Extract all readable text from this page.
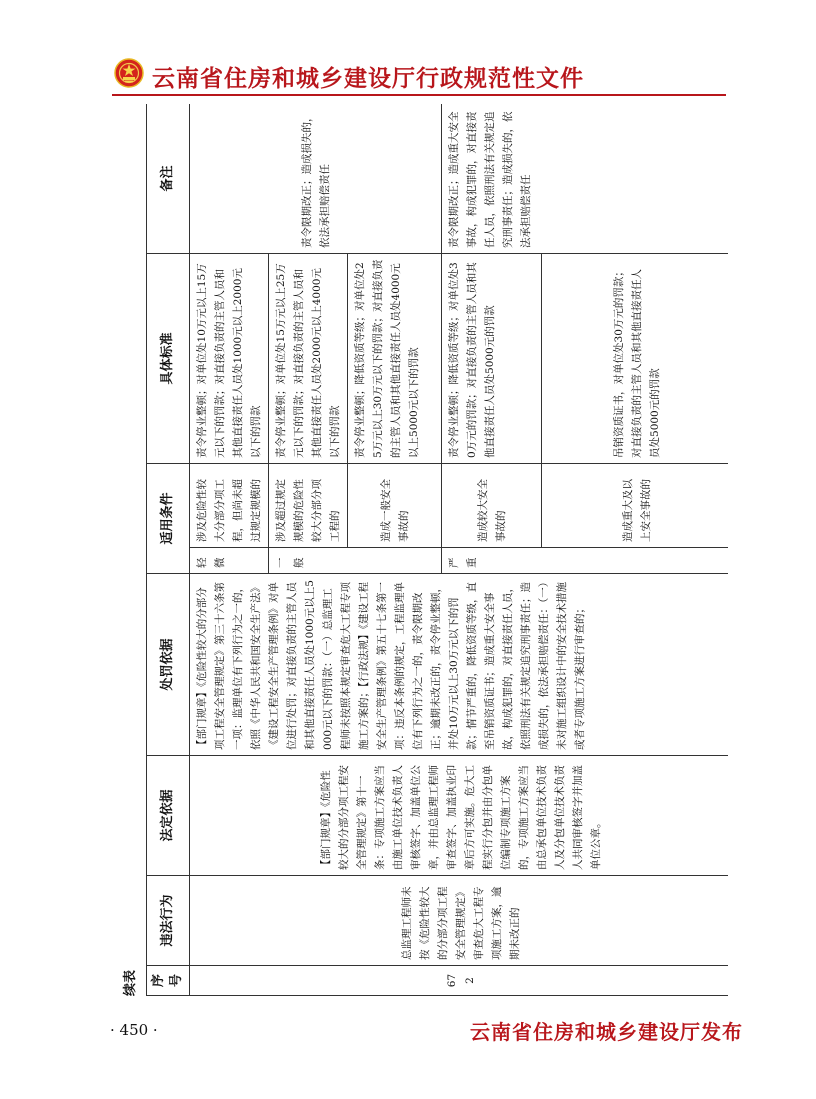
云南省住房和城乡建设厅行政规范性文件
续表	序号	违法行为	法定依据	处罚依据	适用条件		具体标准	备注
672	总监理工程师未按《危险性较大的分部分项工程安全管理规定》审查危大工程专项施工方案，逾期未改正的	【部门规章】《危险性较大的分部分项工程安全管理规定》第十一条：专项施工方案应当由施工单位技术负责人审核签字、加盖单位公章，并由总监理工程师审查签字、加盖执业印章后方可实施。危大工程实行分包并由分包单位编制专项施工方案的，专项施工方案应当由总承包单位技术负责人及分包单位技术负责人共同审核签字并加盖单位公章。	【部门规章】《危险性较大的分部分项工程安全管理规定》第三十六条第一项：监理单位有下列行为之一的，依照《中华人民共和国安全生产法》《建设工程安全生产管理条例》对单位进行处罚；对直接负责的主管人员和其他直接责任人员处1000元以上5000元以下的罚款：（一）总监理工程师未按照本规定审查危大工程专项施工方案的；【行政法规】《建设工程安全生产管理条例》第五十七条第一项：违反本条例的规定，工程监理单位有下列行为之一的，责令限期改正；逾期未改正的，责令停业整顿，并处10万元以上30万元以下的罚款；情节严重的，降低资质等级，直至吊销资质证书；造成重大安全事故，构成犯罪的，对直接责任人员，依照刑法有关规定追究刑事责任；造成损失的，依法承担赔偿责任：（一）未对施工组织设计中的安全技术措施或者专项施工方案进行审查的；	轻微	涉及危险性较大分部分项工程，但尚未超过规定规模的	责令停业整顿；对单位处10万元以上15万元以下的罚款；对直接负责的主管人员和其他直接责任人员处1000元以上2000元以下的罚款	责令限期改正；造成损失的，依法承担赔偿责任
				一般	涉及超过规定规模的危险性较大分部分项工程的	责令停业整顿；对单位处15万元以上25万元以下的罚款；对直接负责的主管人员和其他直接责任人员处2000元以上4000元以下的罚款	
					造成一般安全事故的	责令停业整顿；降低资质等级；对单位处25万元以上30万元以下的罚款；对直接负责的主管人员和其他直接责任人员处4000元以上5000元以下的罚款	
				严重	造成较大安全事故的	责令停业整顿；降低资质等级；对单位处30万元的罚款；对直接负责的主管人员和其他直接责任人员处5000元的罚款	责令限期改正；造成重大安全事故，构成犯罪的，对直接责任人员，依照刑法有关规定追究刑事责任；造成损失的，依法承担赔偿责任
					造成重大及以上安全事故的	吊销资质证书，对单位处30万元的罚款；对直接负责的主管人员和其他直接责任人员处5000元的罚款	
· 450 ·	云南省住房和城乡建设厅发布
